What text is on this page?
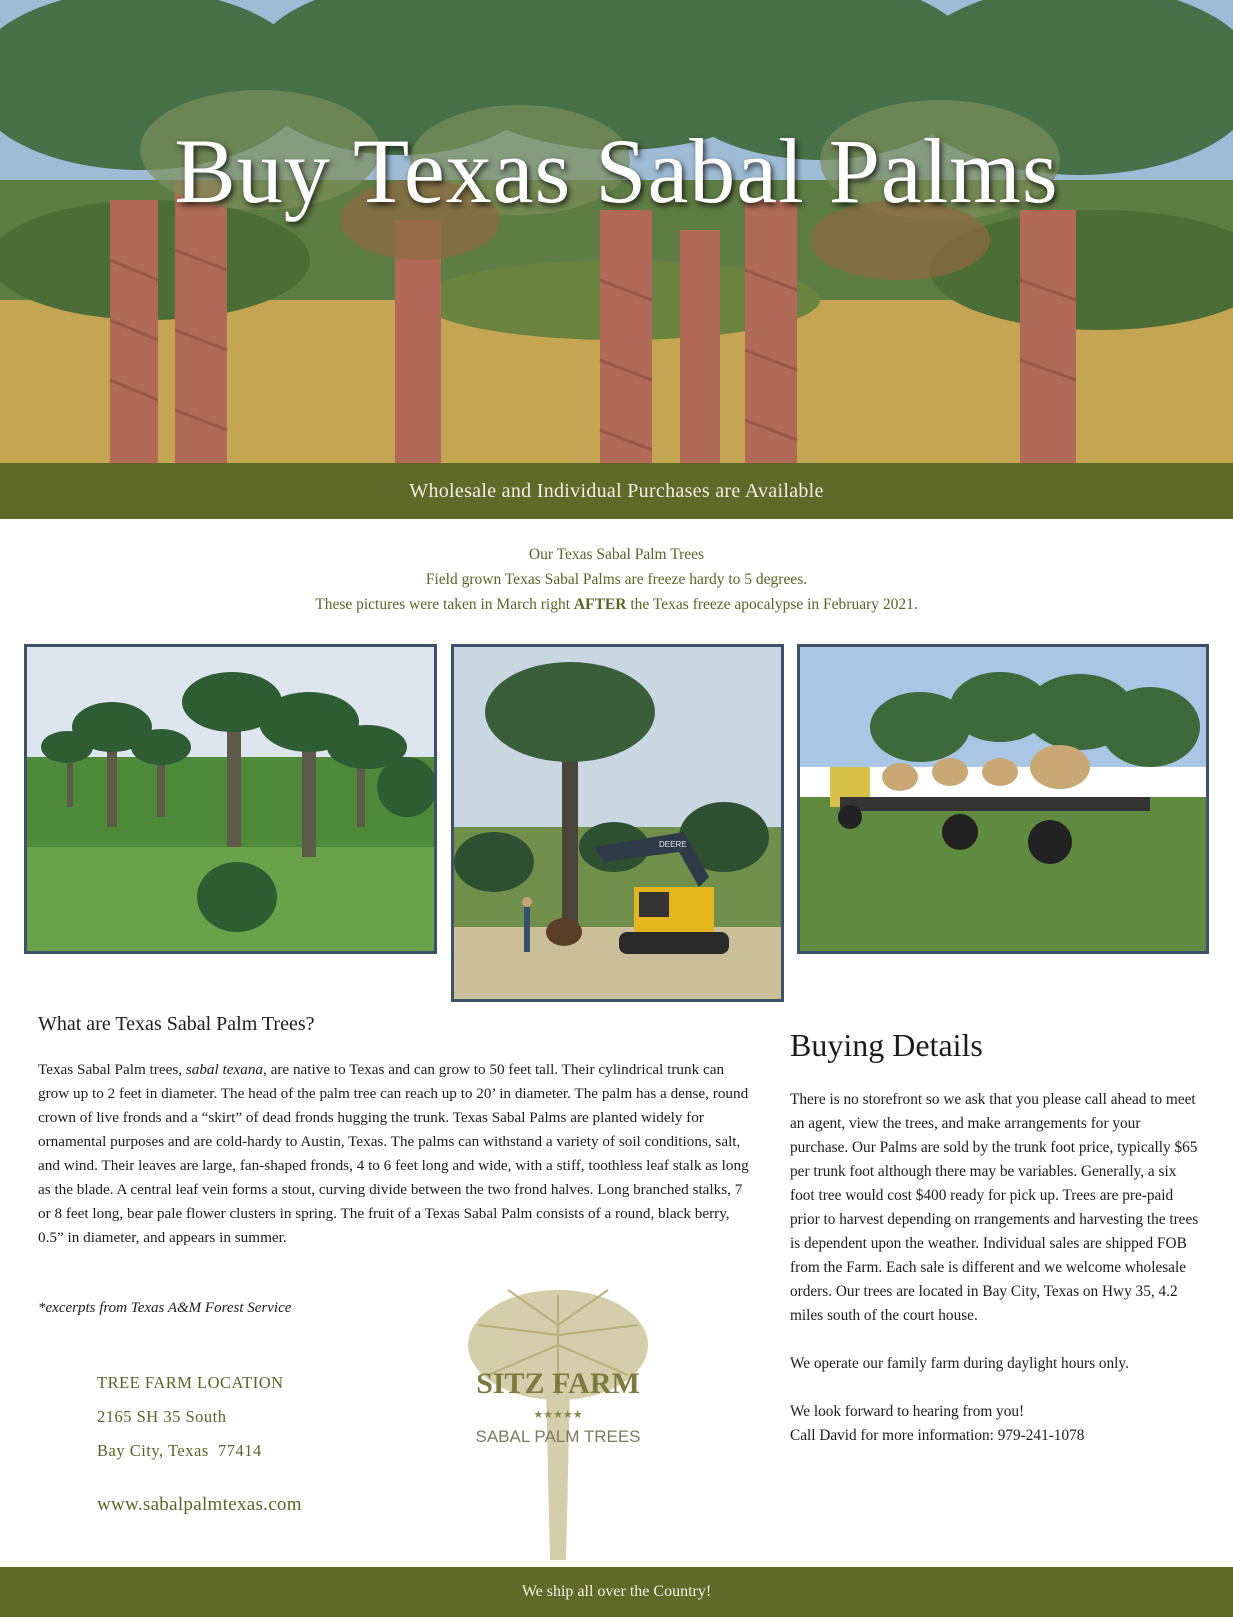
Buy Texas Sabal Palms
Wholesale and Individual Purchases are Available
Our Texas Sabal Palm Trees
Field grown Texas Sabal Palms are freeze hardy to 5 degrees.
These pictures were taken in March right AFTER the Texas freeze apocalypse in February 2021.
DEERE
What are Texas Sabal Palm Trees?
Texas Sabal Palm trees, sabal texana, are native to Texas and can grow to 50 feet tall. Their cylindrical trunk can grow up to 2 feet in diameter. The head of the palm tree can reach up to 20’ in diameter. The palm has a dense, round crown of live fronds and a “skirt” of dead fronds hugging the trunk. Texas Sabal Palms are planted widely for ornamental purposes and are cold-hardy to Austin, Texas. The palms can withstand a variety of soil conditions, salt, and wind. Their leaves are large, fan-shaped fronds, 4 to 6 feet long and wide, with a stiff, toothless leaf stalk as long as the blade. A central leaf vein forms a stout, curving divide between the two frond halves. Long branched stalks, 7 or 8 feet long, bear pale flower clusters in spring. The fruit of a Texas Sabal Palm consists of a round, black berry, 0.5” in diameter, and appears in summer.
*excerpts from Texas A&M Forest Service
TREE FARM LOCATION
2165 SH 35 South
Bay City, Texas  77414
www.sabalpalmtexas.com
SITZ FARM
★★★★★
SABAL PALM TREES
Buying Details

There is no storefront so we ask that you please call ahead to meet an agent, view the trees, and make arrangements for your purchase. Our Palms are sold by the trunk foot price, typically $65 per trunk foot although there may be variables. Generally, a six foot tree would cost $400 ready for pick up. Trees are pre-paid prior to harvest depending on rrangements and harvesting the trees is dependent upon the weather. Individual sales are shipped FOB from the Farm. Each sale is different and we welcome wholesale orders. Our trees are located in Bay City, Texas on Hwy 35, 4.2 miles south of the court house.

We operate our family farm during daylight hours only.

We look forward to hearing from you!
Call David for more information: 979-241-1078

We ship all over the Country!
